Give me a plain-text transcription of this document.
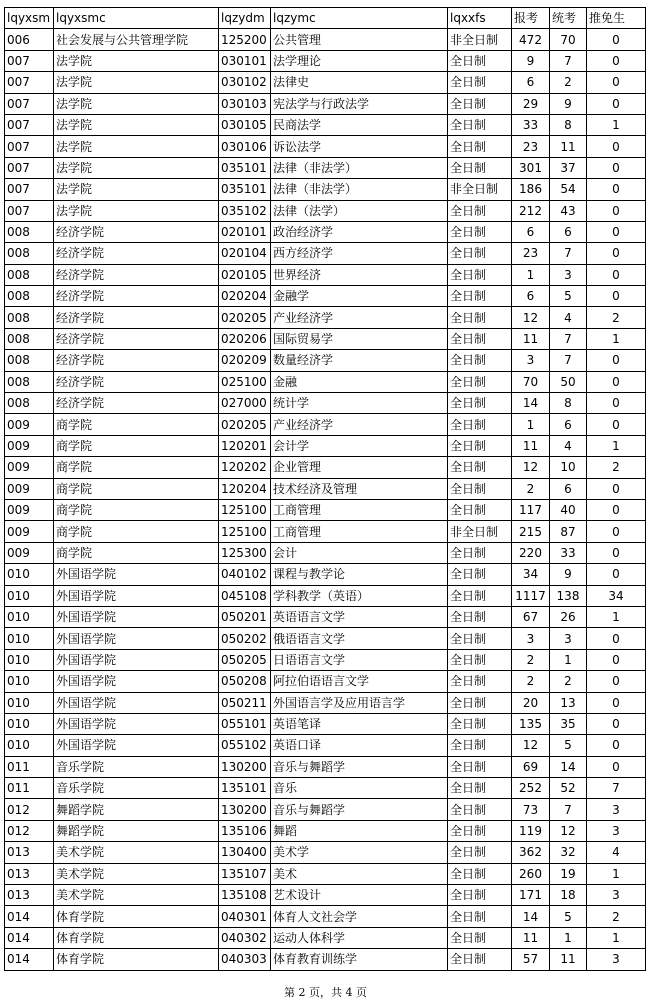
lqyxsm	lqyxsmc	lqzydm	lqzymc	lqxxfs	报考	统考	推免生
006	社会发展与公共管理学院	125200	公共管理	非全日制	472	70	0
007	法学院	030101	法学理论	全日制	9	7	0
007	法学院	030102	法律史	全日制	6	2	0
007	法学院	030103	宪法学与行政法学	全日制	29	9	0
007	法学院	030105	民商法学	全日制	33	8	1
007	法学院	030106	诉讼法学	全日制	23	11	0
007	法学院	035101	法律（非法学）	全日制	301	37	0
007	法学院	035101	法律（非法学）	非全日制	186	54	0
007	法学院	035102	法律（法学）	全日制	212	43	0
008	经济学院	020101	政治经济学	全日制	6	6	0
008	经济学院	020104	西方经济学	全日制	23	7	0
008	经济学院	020105	世界经济	全日制	1	3	0
008	经济学院	020204	金融学	全日制	6	5	0
008	经济学院	020205	产业经济学	全日制	12	4	2
008	经济学院	020206	国际贸易学	全日制	11	7	1
008	经济学院	020209	数量经济学	全日制	3	7	0
008	经济学院	025100	金融	全日制	70	50	0
008	经济学院	027000	统计学	全日制	14	8	0
009	商学院	020205	产业经济学	全日制	1	6	0
009	商学院	120201	会计学	全日制	11	4	1
009	商学院	120202	企业管理	全日制	12	10	2
009	商学院	120204	技术经济及管理	全日制	2	6	0
009	商学院	125100	工商管理	全日制	117	40	0
009	商学院	125100	工商管理	非全日制	215	87	0
009	商学院	125300	会计	全日制	220	33	0
010	外国语学院	040102	课程与教学论	全日制	34	9	0
010	外国语学院	045108	学科教学（英语）	全日制	1117	138	34
010	外国语学院	050201	英语语言文学	全日制	67	26	1
010	外国语学院	050202	俄语语言文学	全日制	3	3	0
010	外国语学院	050205	日语语言文学	全日制	2	1	0
010	外国语学院	050208	阿拉伯语语言文学	全日制	2	2	0
010	外国语学院	050211	外国语言学及应用语言学	全日制	20	13	0
010	外国语学院	055101	英语笔译	全日制	135	35	0
010	外国语学院	055102	英语口译	全日制	12	5	0
011	音乐学院	130200	音乐与舞蹈学	全日制	69	14	0
011	音乐学院	135101	音乐	全日制	252	52	7
012	舞蹈学院	130200	音乐与舞蹈学	全日制	73	7	3
012	舞蹈学院	135106	舞蹈	全日制	119	12	3
013	美术学院	130400	美术学	全日制	362	32	4
013	美术学院	135107	美术	全日制	260	19	1
013	美术学院	135108	艺术设计	全日制	171	18	3
014	体育学院	040301	体育人文社会学	全日制	14	5	2
014	体育学院	040302	运动人体科学	全日制	11	1	1
014	体育学院	040303	体育教育训练学	全日制	57	11	3
第 2 页，共 4 页
